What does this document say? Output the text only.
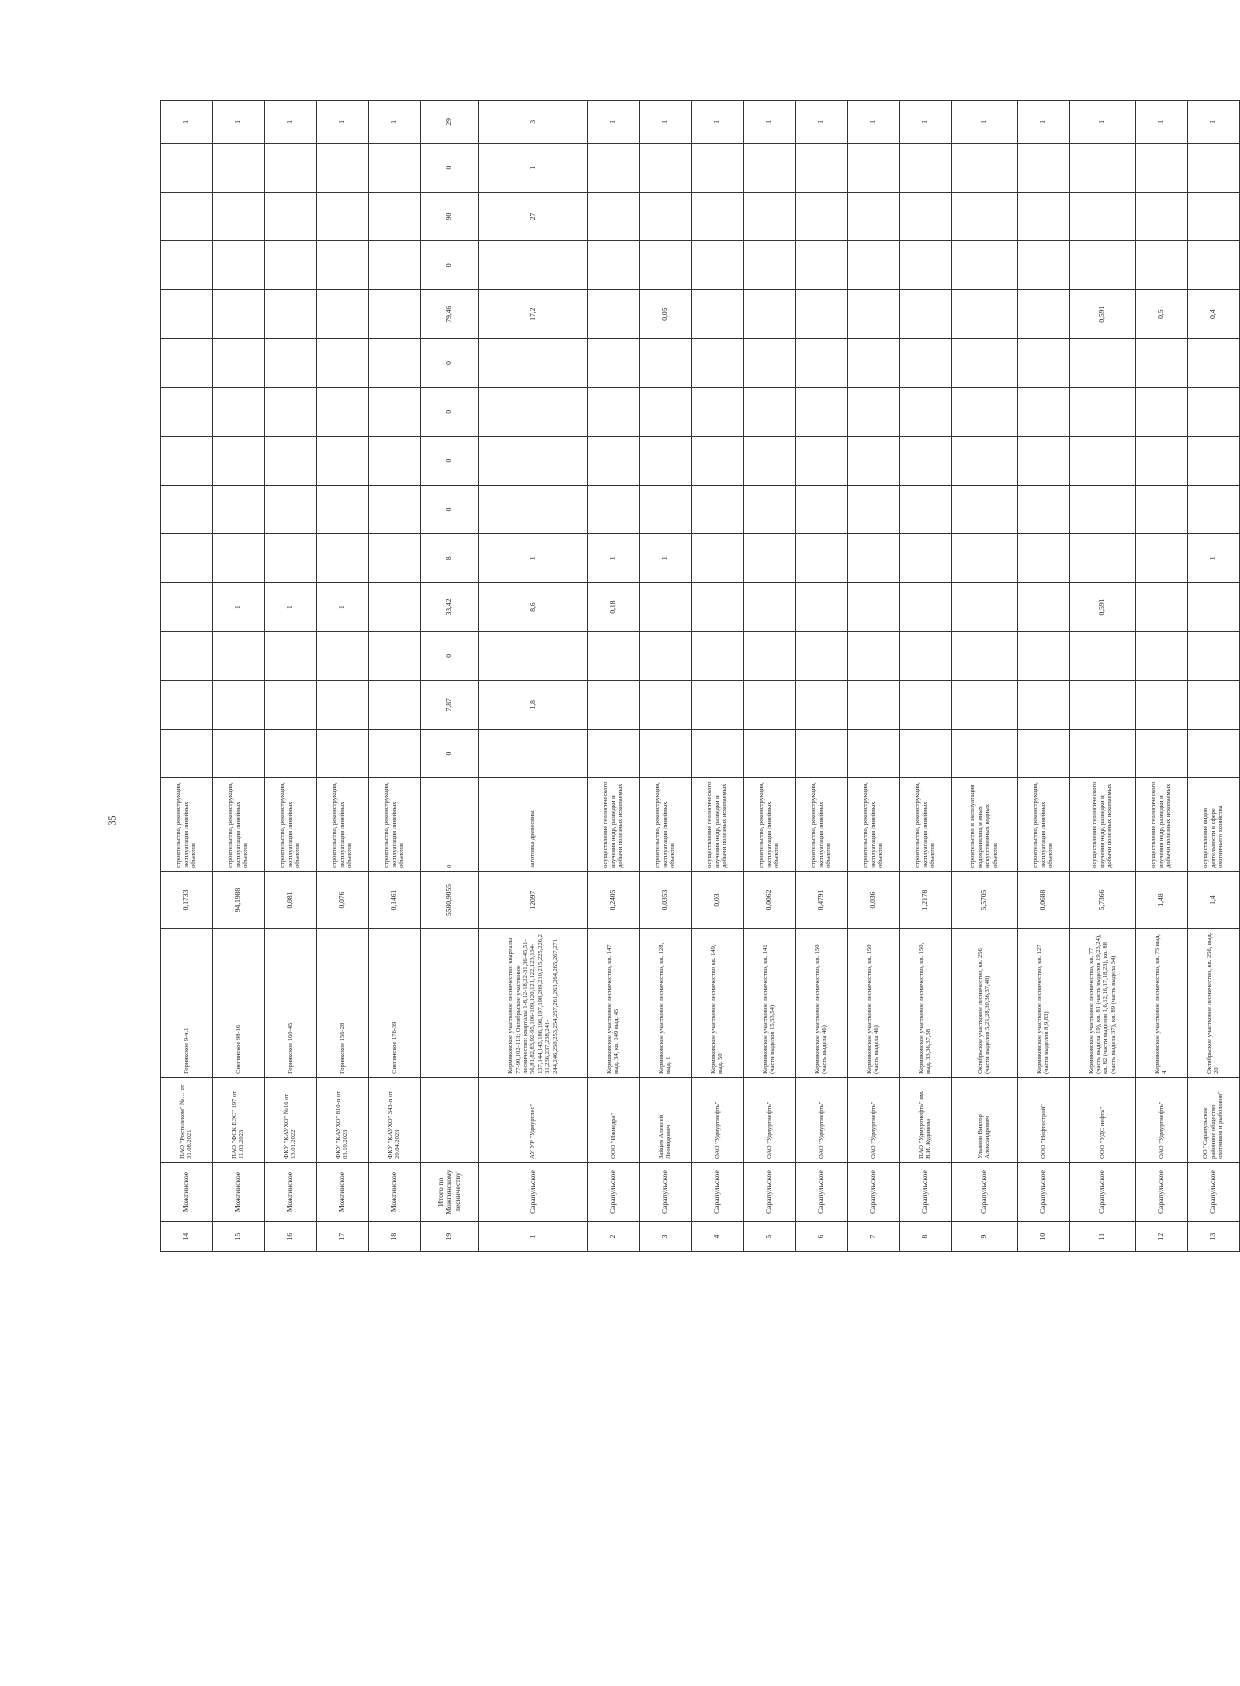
35
14	Можгинское	ПАО "Ростелеком" №… от 31.08.2021	Горнякское 9-ч.1	0,1733	строительство, реконструкция, эксплуатация линейных объектов														1
15	Можгинское	ПАО "ФСК ЕЭС" 197 от 11.03.2023	Снегинское 98-16	94,1988	строительство, реконструкция, эксплуатация линейных объектов				1										1
16	Можгинское	ФКУ "КАУХО" №16 от 13.01.2022	Горнякское 160-45	0,081	строительство, реконструкция, эксплуатация линейных объектов				1										1
17	Можгинское	ФКУ "КАУХО" 810-п от 03.10.2023	Горнякское 156-28	0,076	строительство, реконструкция, эксплуатация линейных объектов				1										1
18	Можгинское	ФКУ "КАУХО" 343-п от 20.04.2023	Снегинское 176-39	0,1461	строительство, реконструкция, эксплуатация линейных объектов														1
19	Итого по Можгинскому лесничеству			5580,9055	0	0	7,87	0	33,42	8	0	0	0	0	79,46	0	90	0	29
1	Сарапульское	АУ УР "Удмуртлес"	Кермиковское участковое лесничество: кварталы 77-90,102-113; Октябрьское участковое лесничество: кварталы 1-8,12-18,22-31,36-45,51-56,81,82,83,92-95,106-109,120,121,122,123,134-137,144,145,186,196,197,198,209,210,215,225,226,231,236,237,238,241-244,246,250,253,254,257,261,263,264,265,267,271	12097	заготовка древесины		1,8		8,6	1					17,2		27	1	3
2	Сарапульское	ООО "Ижнедра"	Кермиковское участковое лесничество, кв. 147 выд. 34, кв. 149 выд. 45	0,2405	осуществление геологического изучения недр, разведки и добычи полезных ископаемых				0,18	1									1
3	Сарапульское	Зайцев Алексей Леонидович	Кермиковское участковое лесничество, кв. 128, выд. 1	0,0353	строительство, реконструкция, эксплуатация линейных объектов					1					0,05				1
4	Сарапульское	ОАО "Удмуртнефть"	Кермиковское участковое лесничество кв. 149, выд. 50	0,03	осуществление геологического изучения недр, разведки и добычи полезных ископаемых														1
5	Сарапульское	ОАО "Удмуртнефть"	Кермиковское участковое лесничество, кв. 141 (части выделов 15,53,54)	0,0062	строительство, реконструкция, эксплуатация линейных объектов														1
6	Сарапульское	ОАО "Удмуртнефть"	Кермиковское участковое лесничество, кв. 150 (часть выдела 46)	0,4791	строительство, реконструкция, эксплуатация линейных объектов														1
7	Сарапульское	ОАО "Удмуртнефть"	Кермиковское участковое лесничество, кв. 150 (часть выдела 46)	0,036	строительство, реконструкция, эксплуатация линейных объектов														1
8	Сарапульское	ПАО "Удмуртнефть" им. В.И. Кудинова	Кермиковское участковое лесничество, кв. 150, выд. 33,36,37,38	1,2178	строительство, реконструкция, эксплуатация линейных объектов														1
9	Сарапульское	Ульянов Виктор Александрович	Октябрьское участковое лесничество, кв. 256 (части выделов 5,21,28,30,36,37,48)	5,5705	строительство и эксплуатация водохранилищ и иных искусственных водных объектов														1
10	Сарапульское	ООО "Нефтестрой"	Кермиковское участковое лесничество, кв. 127 (части выделов 8,9,83)	0,0688	строительство, реконструкция, эксплуатация линейных объектов														1
11	Сарапульское	ООО "УДС нефть"	Кермиковское участковое лесничество, кв. 77 (часть выдела 19), кв. 81 (часть выделов 19,23,24), кв. 82 (части выделов 1,6,12,16,17,18,23), кв. 88 (часть выдела 37), кв. 89 (часть выдела 34)	5,7366	осуществление геологического изучения недр, разведки и добычи полезных ископаемых				0,591						0,591				1
12	Сарапульское	ОАО "Удмуртнефть"	Кермиковское участковое лесничество, кв. 75 выд. 4	1,48	осуществление геологического изучения недр, разведки и добычи полезных ископаемых										0,5				1
13	Сарапульское	ОО "Сарапульское районное общество охотников и рыболовов"	Октябрьское участковое лесничество, кв. 256, выд. 20	1,4	осуществление видов деятельности в сфере охотничьего хозяйства					1					0,4				1
